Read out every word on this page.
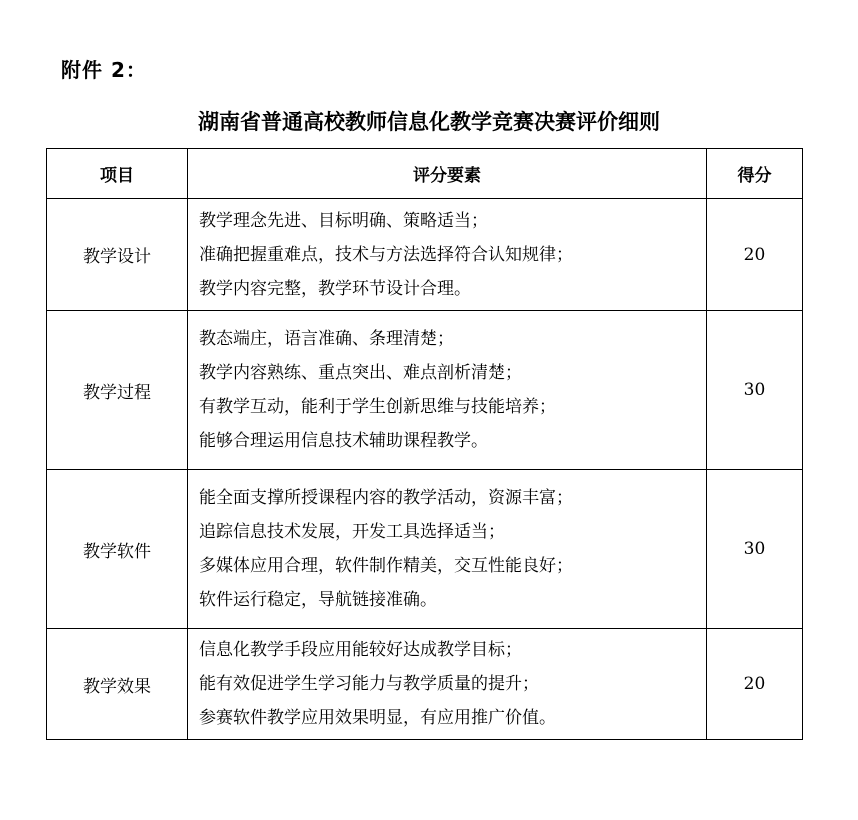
附件 2：
湖南省普通高校教师信息化教学竞赛决赛评价细则
项目	评分要素	得分
教学设计	教学理念先进、目标明确、策略适当；
准确把握重难点，技术与方法选择符合认知规律；
教学内容完整，教学环节设计合理。	20
教学过程	教态端庄，语言准确、条理清楚；
教学内容熟练、重点突出、难点剖析清楚；
有教学互动，能利于学生创新思维与技能培养；
能够合理运用信息技术辅助课程教学。	30
教学软件	能全面支撑所授课程内容的教学活动，资源丰富；
追踪信息技术发展，开发工具选择适当；
多媒体应用合理，软件制作精美，交互性能良好；
软件运行稳定，导航链接准确。	30
教学效果	信息化教学手段应用能较好达成教学目标；
能有效促进学生学习能力与教学质量的提升；
参赛软件教学应用效果明显，有应用推广价值。	20
